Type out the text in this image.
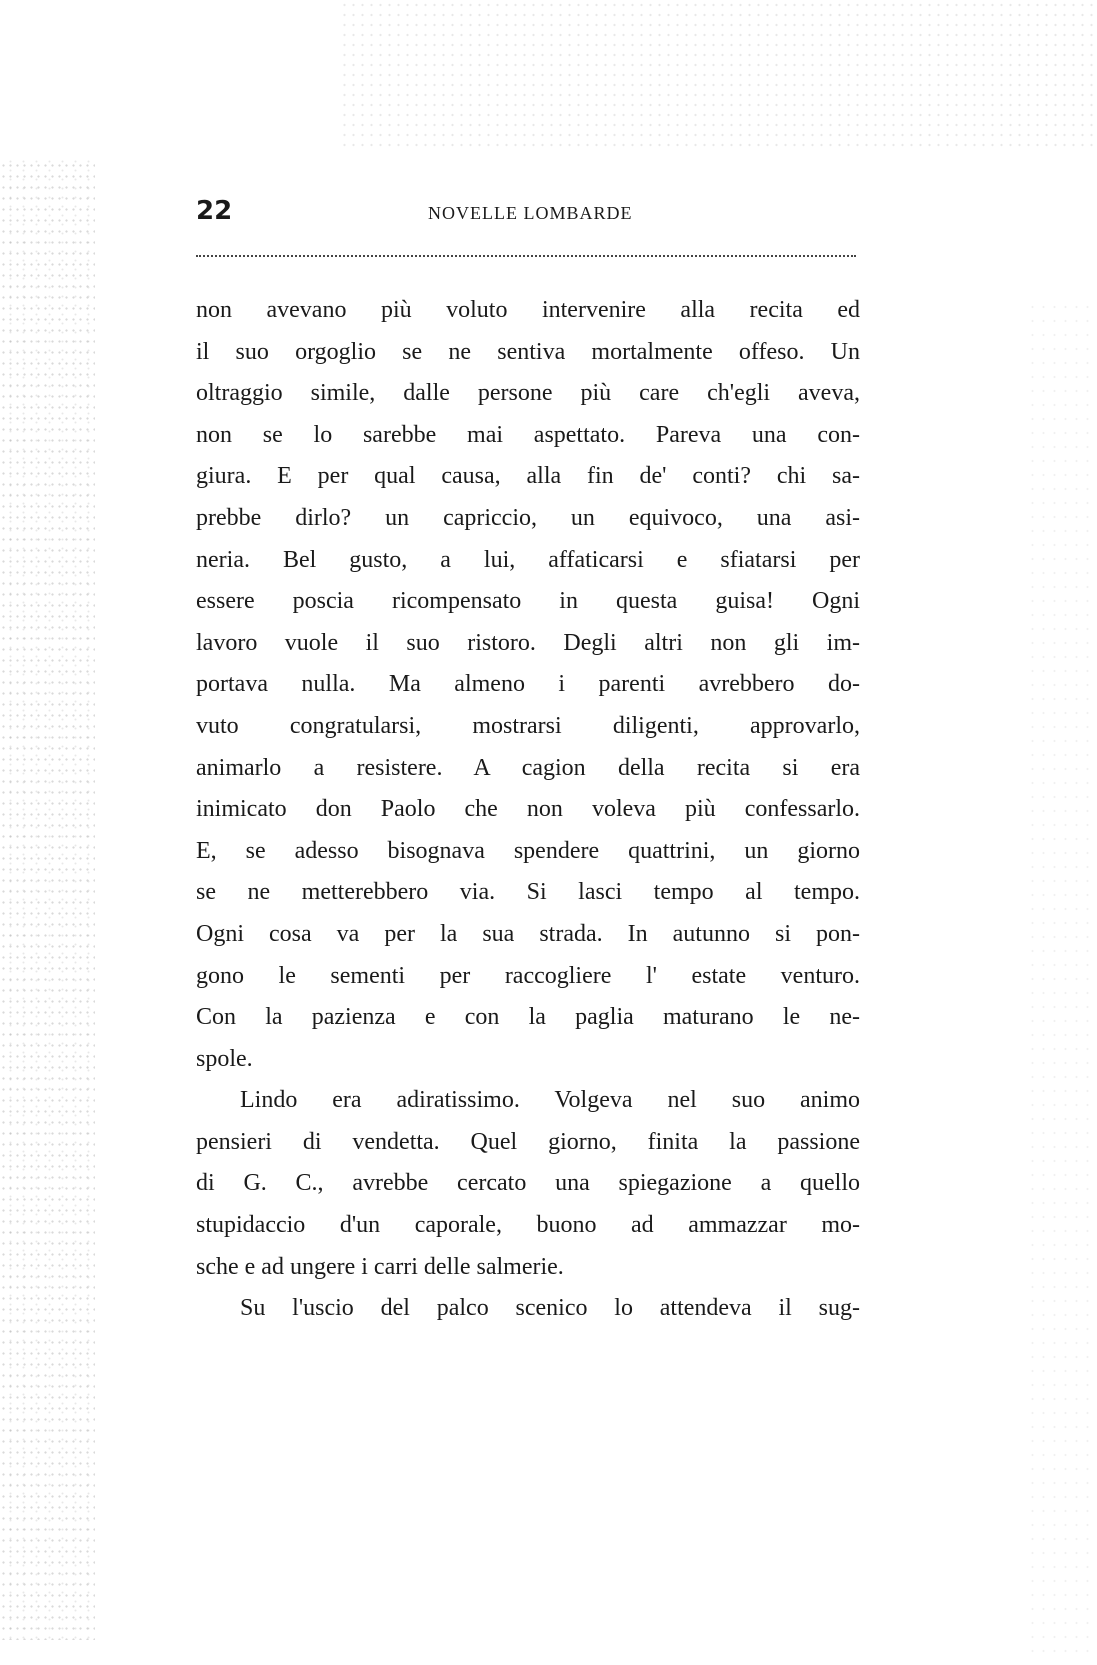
22	NOVELLE LOMBARDE
non avevano più voluto intervenire alla recita ed
il suo orgoglio se ne sentiva mortalmente offeso. Un
oltraggio simile, dalle persone più care ch'egli aveva,
non se lo sarebbe mai aspettato. Pareva una con-
giura. E per qual causa, alla fin de' conti? chi sa-
prebbe dirlo? un capriccio, un equivoco, una asi-
neria. Bel gusto, a lui, affaticarsi e sfiatarsi per
essere poscia ricompensato in questa guisa! Ogni
lavoro vuole il suo ristoro. Degli altri non gli im-
portava nulla. Ma almeno i parenti avrebbero do-
vuto congratularsi, mostrarsi diligenti, approvarlo,
animarlo a resistere. A cagion della recita si era
inimicato don Paolo che non voleva più confessarlo.
E, se adesso bisognava spendere quattrini, un giorno
se ne metterebbero via. Si lasci tempo al tempo.
Ogni cosa va per la sua strada. In autunno si pon-
gono le sementi per raccogliere l' estate venturo.
Con la pazienza e con la paglia maturano le ne-
spole.
Lindo era adiratissimo. Volgeva nel suo animo
pensieri di vendetta. Quel giorno, finita la passione
di G. C., avrebbe cercato una spiegazione a quello
stupidaccio d'un caporale, buono ad ammazzar mo-
sche e ad ungere i carri delle salmerie.
Su l'uscio del palco scenico lo attendeva il sug-
